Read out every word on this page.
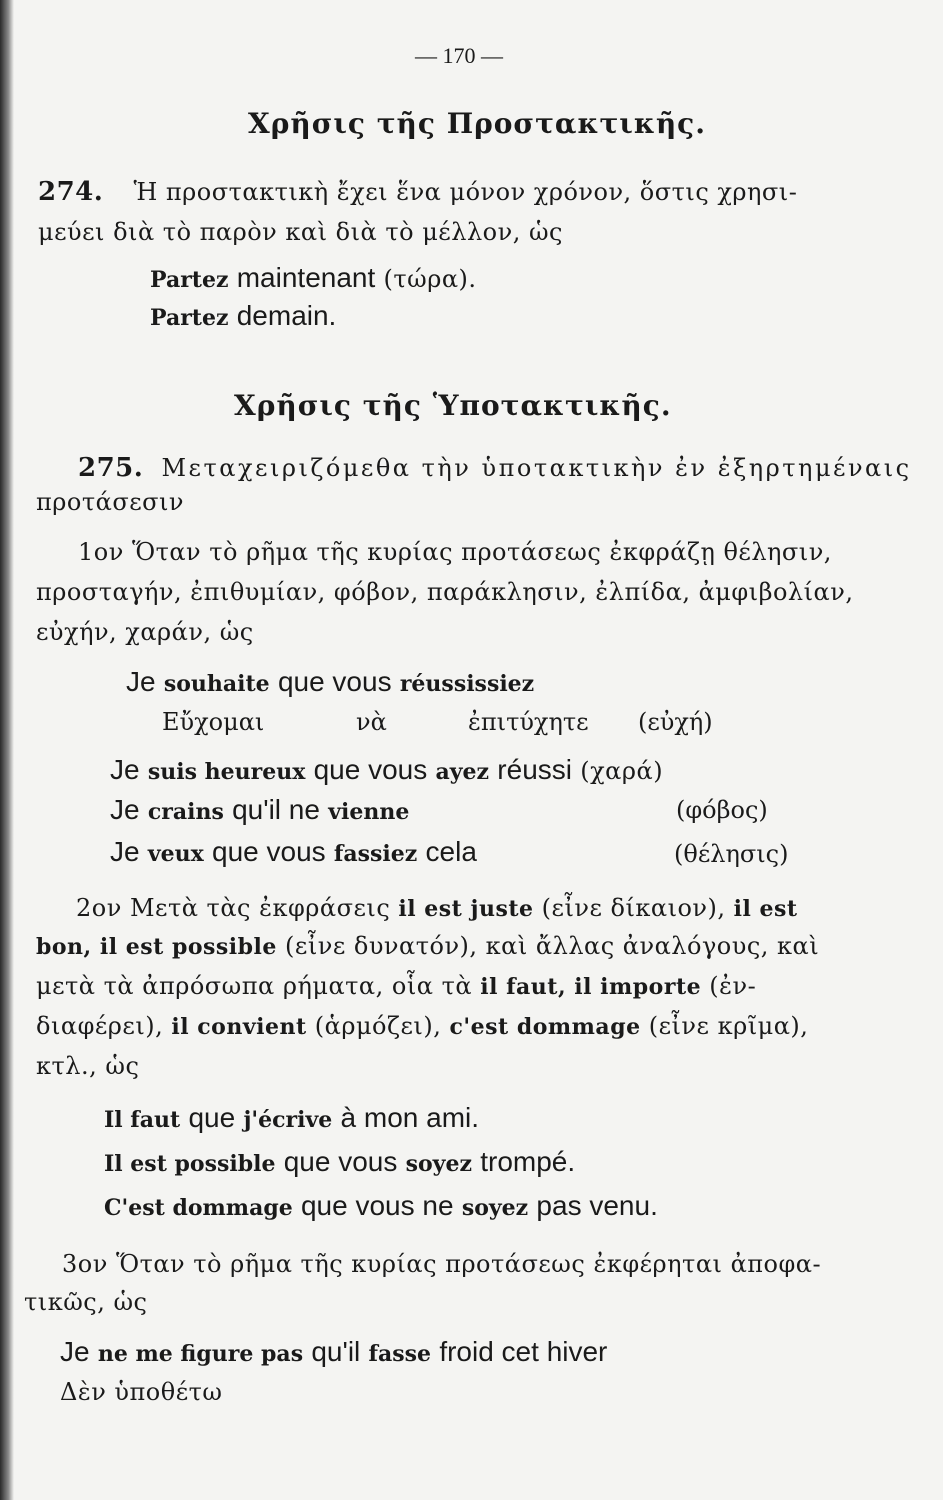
— 170 —
Χρῆσις τῆς Προστακτικῆς.
274. Ἡ προστακτικὴ ἔχει ἕνα μόνον χρόνον, ὅστις χρησι-
μεύει διὰ τὸ παρὸν καὶ διὰ τὸ μέλλον, ὡς
Partez maintenant (τώρα).
Partez demain.
Χρῆσις τῆς Ὑποτακτικῆς.
275. Μεταχειριζόμεθα τὴν ὑποτακτικὴν ἐν ἐξηρτημέναις
προτάσεσιν
1ον Ὅταν τὸ ρῆμα τῆς κυρίας προτάσεως ἐκφράζῃ θέλησιν,
προσταγήν, ἐπιθυμίαν, φόβον, παράκλησιν, ἐλπίδα, ἀμφιβολίαν,
εὐχήν, χαράν, ὡς
Je souhaite que vous réussissiez
Εὔχομαι	νὰ	ἐπιτύχητε (εὐχή)
Je suis heureux que vous ayez réussi (χαρά)
Je crains qu'il ne vienne	(φόβος)
Je veux que vous fassiez cela	(θέλησις)
2ον Μετὰ τὰς ἐκφράσεις il est juste (εἶνε δίκαιον), il est
bon, il est possible (εἶνε δυνατόν), καὶ ἄλλας ἀναλόγους, καὶ
μετὰ τὰ ἀπρόσωπα ρήματα, οἷα τὰ il faut, il importe (ἐν-
διαφέρει), il convient (ἁρμόζει), c'est dommage (εἶνε κρῖμα),
κτλ., ὡς
Il faut que j'écrive à mon ami.
Il est possible que vous soyez trompé.
C'est dommage que vous ne soyez pas venu.
3ον Ὅταν τὸ ρῆμα τῆς κυρίας προτάσεως ἐκφέρηται ἀποφα-
τικῶς, ὡς
Je ne me figure pas qu'il fasse froid cet hiver
Δὲν ὑποθέτω
